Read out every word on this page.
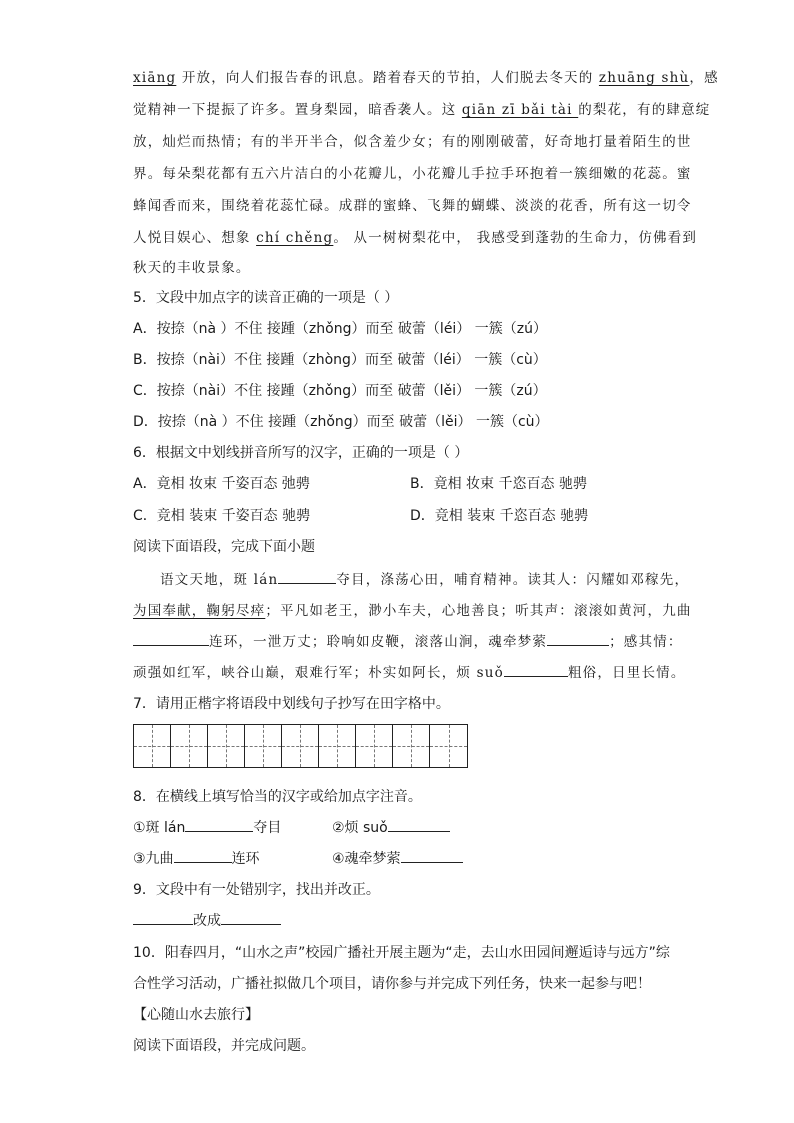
xiāng 开放，向人们报告春的讯息。踏着春天的节拍，人们脱去冬天的 zhuāng shù，感
觉精神一下提振了许多。置身梨园，暗香袭人。这 qiān zī bǎi tài 的梨花，有的肆意绽
放，灿烂而热情；有的半开半合，似含羞少女；有的刚刚破蕾，好奇地打量着陌生的世
界。每朵梨花都有五六片洁白的小花瓣儿，小花瓣儿手拉手环抱着一簇细嫩的花蕊。蜜
蜂闻香而来，围绕着花蕊忙碌。成群的蜜蜂、飞舞的蝴蝶、淡淡的花香，所有这一切令
人悦目娱心、想象 chí chěng。 从一树树梨花中， 我感受到蓬勃的生命力，仿佛看到
秋天的丰收景象。
5．文段中加点字的读音正确的一项是（ ）
A．按捺（nà ）不住 接踵（zhǒng）而至 破蕾（léi） 一簇（zú）
B．按捺（nài）不住 接踵（zhòng）而至 破蕾（léi） 一簇（cù）
C．按捺（nài）不住 接踵（zhǒng）而至 破蕾（lěi） 一簇（zú）
D．按捺（nà ）不住 接踵（zhǒng）而至 破蕾（lěi） 一簇（cù）
6．根据文中划线拼音所写的汉字，正确的一项是（ ）
A．竟相 妆束 千姿百态 弛骋	B．竟相 妆束 千恣百态 驰骋
C．竞相 装束 千姿百态 驰骋	D．竞相 装束 千恣百态 驰骋
阅读下面语段，完成下面小题
语文天地，斑 lán	夺目，涤荡心田，哺育精神。读其人：闪耀如邓稼先，
为国奉献，鞠躬尽瘁；平凡如老王，渺小车夫，心地善良；听其声：滚滚如黄河，九曲
连环，一泄万丈；聆响如皮鞭，滚落山涧，魂牵梦萦	；感其情：
顽强如红军，峡谷山巅，艰难行军；朴实如阿长，烦 suǒ	粗俗，日里长情。
7．请用正楷字将语段中划线句子抄写在田字格中。
8．在横线上填写恰当的汉字或给加点字注音。
①斑 lán	夺目	②烦 suǒ
③九曲	连环	④魂牵梦萦
9．文段中有一处错别字，找出并改正。
改成
10．阳春四月，“山水之声”校园广播社开展主题为“走，去山水田园间邂逅诗与远方”综
合性学习活动，广播社拟做几个项目，请你参与并完成下列任务，快来一起参与吧！
【心随山水去旅行】
阅读下面语段，并完成问题。
